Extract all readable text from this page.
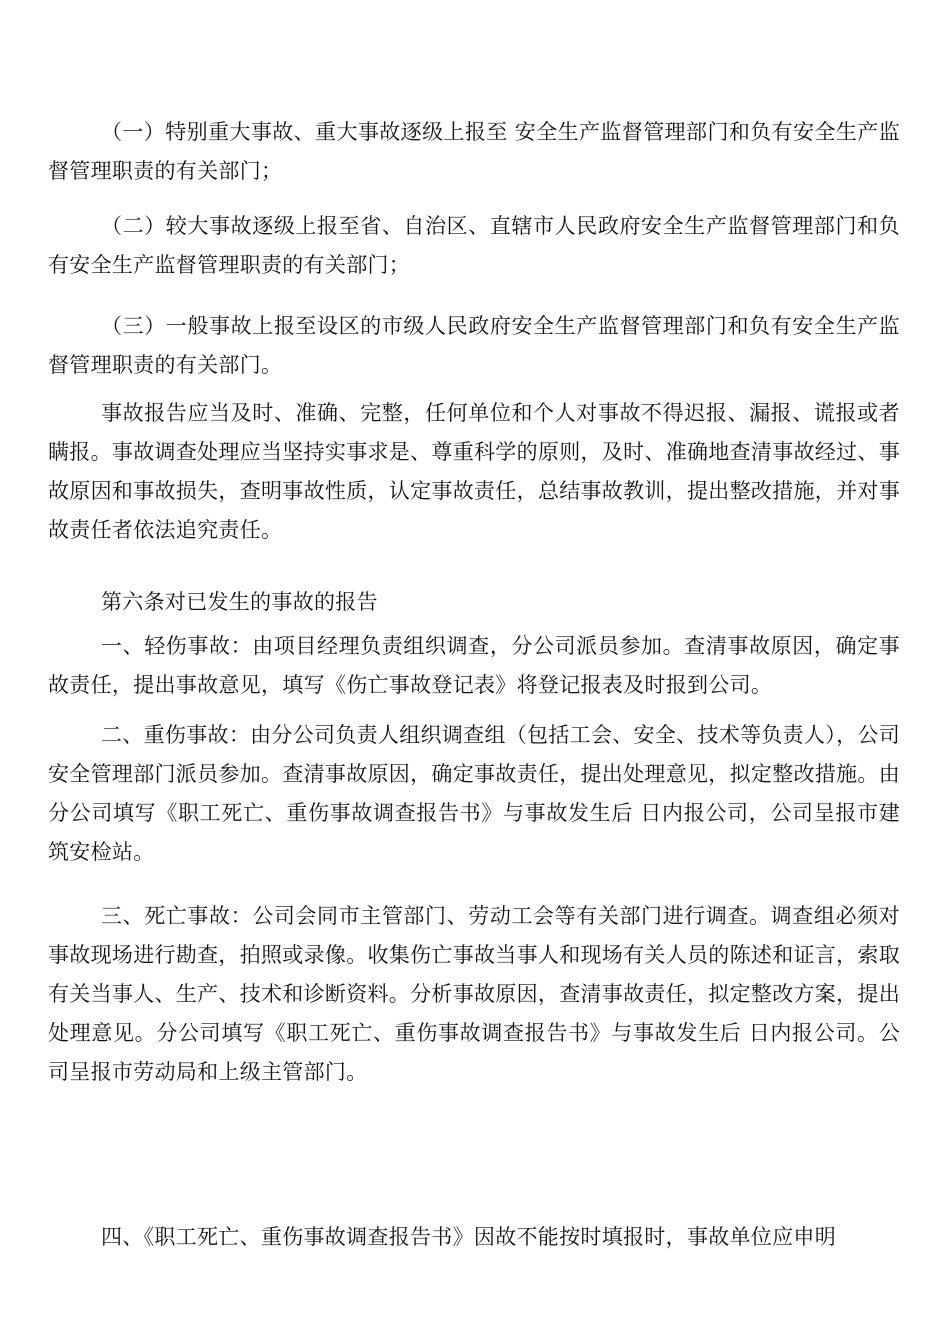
（一）特别重大事故、重大事故逐级上报至 安全生产监督管理部门和负有安全生产监督管理职责的有关部门；

（二）较大事故逐级上报至省、自治区、直辖市人民政府安全生产监督管理部门和负有安全生产监督管理职责的有关部门；

（三）一般事故上报至设区的市级人民政府安全生产监督管理部门和负有安全生产监督管理职责的有关部门。

事故报告应当及时、准确、完整，任何单位和个人对事故不得迟报、漏报、谎报或者瞒报。事故调查处理应当坚持实事求是、尊重科学的原则，及时、准确地查清事故经过、事故原因和事故损失，查明事故性质，认定事故责任，总结事故教训，提出整改措施，并对事故责任者依法追究责任。

第六条对已发生的事故的报告

一、轻伤事故：由项目经理负责组织调查，分公司派员参加。查清事故原因，确定事故责任，提出事故意见，填写《伤亡事故登记表》将登记报表及时报到公司。

二、重伤事故：由分公司负责人组织调查组（包括工会、安全、技术等负责人），公司安全管理部门派员参加。查清事故原因，确定事故责任，提出处理意见，拟定整改措施。由分公司填写《职工死亡、重伤事故调查报告书》与事故发生后 日内报公司，公司呈报市建筑安检站。

三、死亡事故：公司会同市主管部门、劳动工会等有关部门进行调查。调查组必须对事故现场进行勘查，拍照或录像。收集伤亡事故当事人和现场有关人员的陈述和证言，索取有关当事人、生产、技术和诊断资料。分析事故原因，查清事故责任，拟定整改方案，提出处理意见。分公司填写《职工死亡、重伤事故调查报告书》与事故发生后 日内报公司。公司呈报市劳动局和上级主管部门。

四、《职工死亡、重伤事故调查报告书》因故不能按时填报时，事故单位应申明
